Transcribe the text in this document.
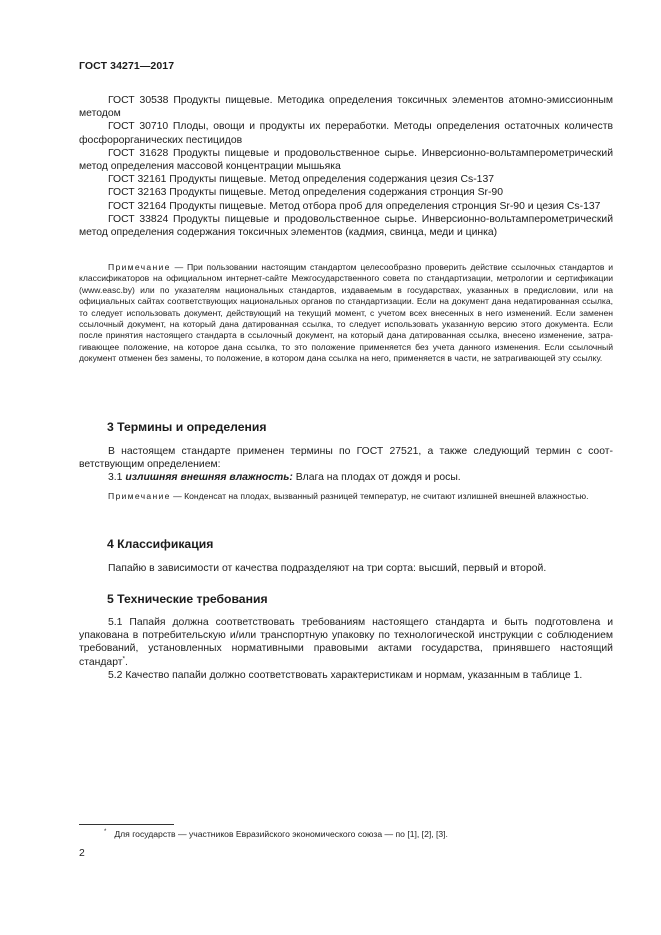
ГОСТ 34271—2017

ГОСТ 30538 Продукты пищевые. Методика определения токсичных элементов атомно-эмиссионным методом

ГОСТ 30710 Плоды, овощи и продукты их переработки. Методы определения остаточных количеств фосфорорганических пестицидов

ГОСТ 31628 Продукты пищевые и продовольственное сырье. Инверсионно-вольтамперометрический метод определения массовой концентрации мышьяка

ГОСТ 32161 Продукты пищевые. Метод определения содержания цезия Cs-137

ГОСТ 32163 Продукты пищевые. Метод определения содержания стронция Sr-90

ГОСТ 32164 Продукты пищевые. Метод отбора проб для определения стронция Sr-90 и цезия Cs-137

ГОСТ 33824 Продукты пищевые и продовольственное сырье. Инверсионно-вольтамперометрический метод определения содержания токсичных элементов (кадмия, свинца, меди и цинка)

Примечание — При пользовании настоящим стандартом целесообразно проверить действие ссылочных стандартов и классификаторов на официальном интернет-сайте Межгосударственного совета по стандартизации, метрологии и сертификации (www.easc.by) или по указателям национальных стандартов, издаваемым в государствах, указанных в предисловии, или на официальных сайтах соответствующих национальных органов по стандартизации. Если на документ дана недатированная ссылка, то следует использовать документ, действующий на текущий момент, с учетом всех внесенных в него изменений. Если заменен ссылочный документ, на который дана датированная ссылка, то следует использовать указанную версию этого документа. Если после принятия настоящего стандарта в ссылочный документ, на который дана датированная ссылка, внесено изменение, затрагивающее положение, на которое дана ссылка, то это положение применяется без учета данного изменения. Если ссылочный документ отменен без замены, то положение, в котором дана ссылка на него, применяется в части, не затрагивающей эту ссылку.

3 Термины и определения

В настоящем стандарте применен термины по ГОСТ 27521, а также следующий термин с соответствующим определением:

3.1 излишняя внешняя влажность: Влага на плодах от дождя и росы.

Примечание — Конденсат на плодах, вызванный разницей температур, не считают излишней внешней влажностью.

4 Классификация

Папайю в зависимости от качества подразделяют на три сорта: высший, первый и второй.

5 Технические требования

5.1 Папайя должна соответствовать требованиям настоящего стандарта и быть подготовлена и упакована в потребительскую и/или транспортную упаковку по технологической инструкции с соблюдением требований, установленных нормативными правовыми актами государства, принявшего настоящий стандарт*.

5.2 Качество папайи должно соответствовать характеристикам и нормам, указанным в таблице 1.

* Для государств — участников Евразийского экономического союза — по [1], [2], [3].
2
